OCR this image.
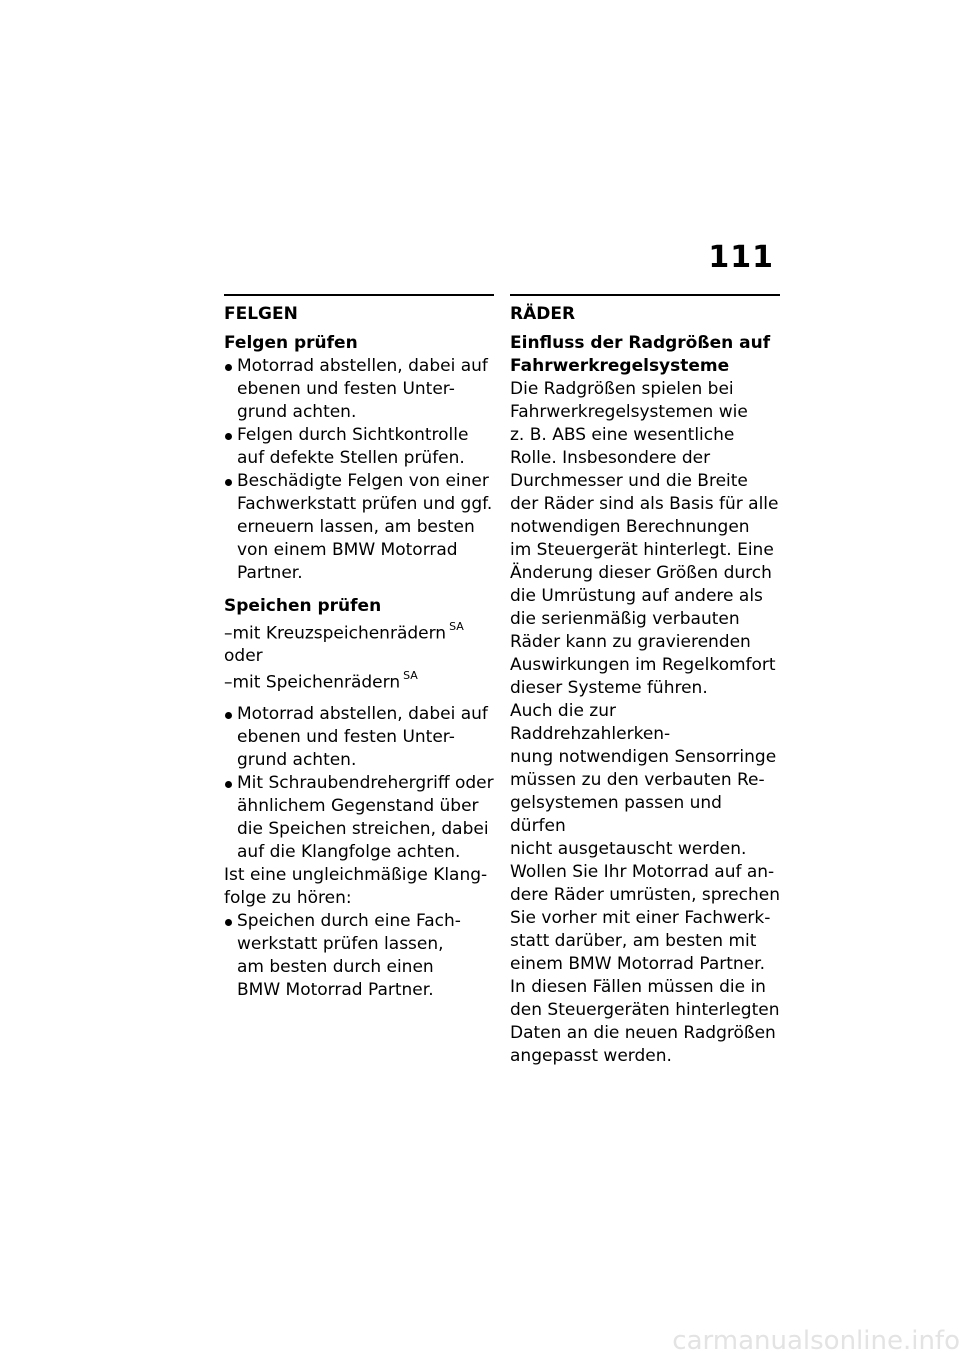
111
FELGEN
Felgen prüfen
Motorrad abstellen, dabei auf
ebenen und festen Unter-
grund achten.
Felgen durch Sichtkontrolle
auf defekte Stellen prüfen.
Beschädigte Felgen von einer
Fachwerkstatt prüfen und ggf.
erneuern lassen, am besten
von einem BMW Motorrad
Partner.
Speichen prüfen
–mit Kreuzspeichenrädern $^{SA}$
oder
–mit Speichenrädern $^{SA}$
Motorrad abstellen, dabei auf
ebenen und festen Unter-
grund achten.
Mit Schraubendrehergriff oder
ähnlichem Gegenstand über
die Speichen streichen, dabei
auf die Klangfolge achten.
Ist eine ungleichmäßige Klang-
folge zu hören:
Speichen durch eine Fach-
werkstatt prüfen lassen,
am besten durch einen
BMW Motorrad Partner.
RÄDER
Einfluss der Radgrößen auf
Fahrwerkregelsysteme
Die Radgrößen spielen bei
Fahrwerkregelsystemen wie
z. B. ABS eine wesentliche
Rolle. Insbesondere der
Durchmesser und die Breite
der Räder sind als Basis für alle
notwendigen Berechnungen
im Steuergerät hinterlegt. Eine
Änderung dieser Größen durch
die Umrüstung auf andere als
die serienmäßig verbauten
Räder kann zu gravierenden
Auswirkungen im Regelkomfort
dieser Systeme führen.
Auch die zur Raddrehzahlerken-
nung notwendigen Sensorringe
müssen zu den verbauten Re-
gelsystemen passen und dürfen
nicht ausgetauscht werden.
Wollen Sie Ihr Motorrad auf an-
dere Räder umrüsten, sprechen
Sie vorher mit einer Fachwerk-
statt darüber, am besten mit
einem BMW Motorrad Partner.
In diesen Fällen müssen die in
den Steuergeräten hinterlegten
Daten an die neuen Radgrößen
angepasst werden.
carmanualsonline.info
